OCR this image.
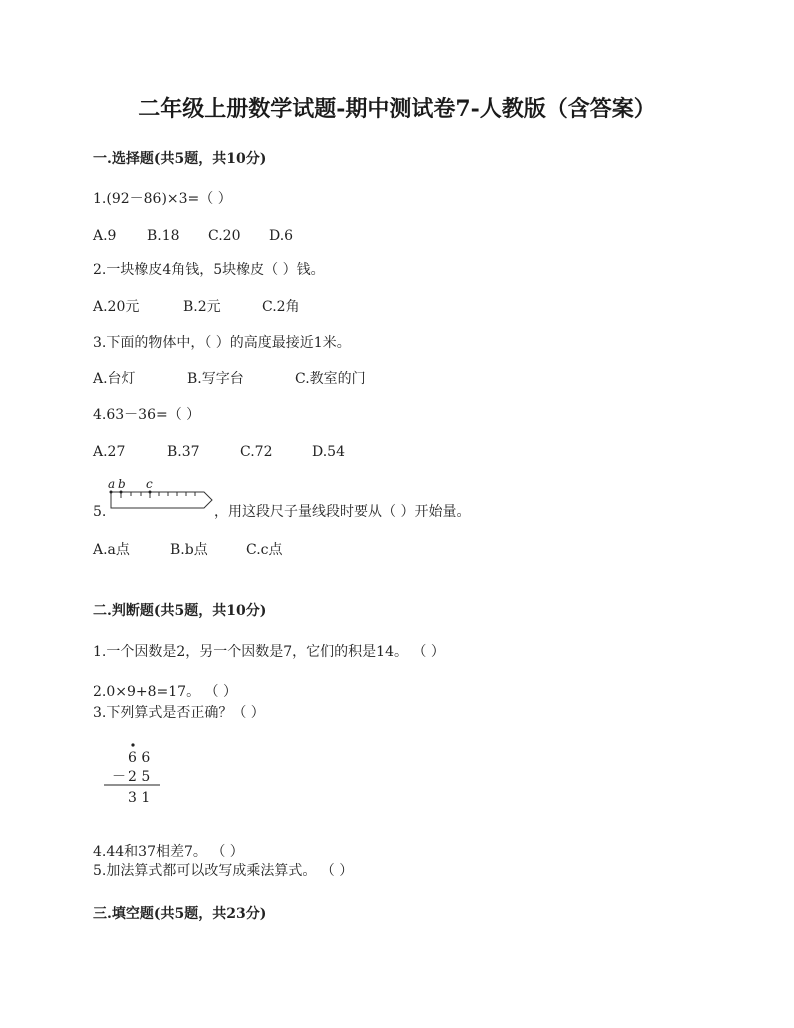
二年级上册数学试题-期中测试卷7-人教版（含答案）
一.选择题(共5题，共10分)
1.(92－86)×3=（ ）
A.9 B.18 C.20 D.6
2.一块橡皮4角钱，5块橡皮（ ）钱。
A.20元	B.2元	C.2角
3.下面的物体中，（ ）的高度最接近1米。
A.台灯	B.写字台	C.教室的门
4.63－36=（ ）
A.27	B.37	C.72	D.54
5.
a b c
，用这段尺子量线段时要从（ ）开始量。
A.a点	B.b点	C.c点
二.判断题(共5题，共10分)
1.一个因数是2，另一个因数是7，它们的积是14。 （ ）
2.0×9+8=17。 （ ）
3.下列算式是否正确？（ ）
6 6
－ 2 5
3 1
4.44和37相差7。 （ ）
5.加法算式都可以改写成乘法算式。 （ ）
三.填空题(共5题，共23分)
